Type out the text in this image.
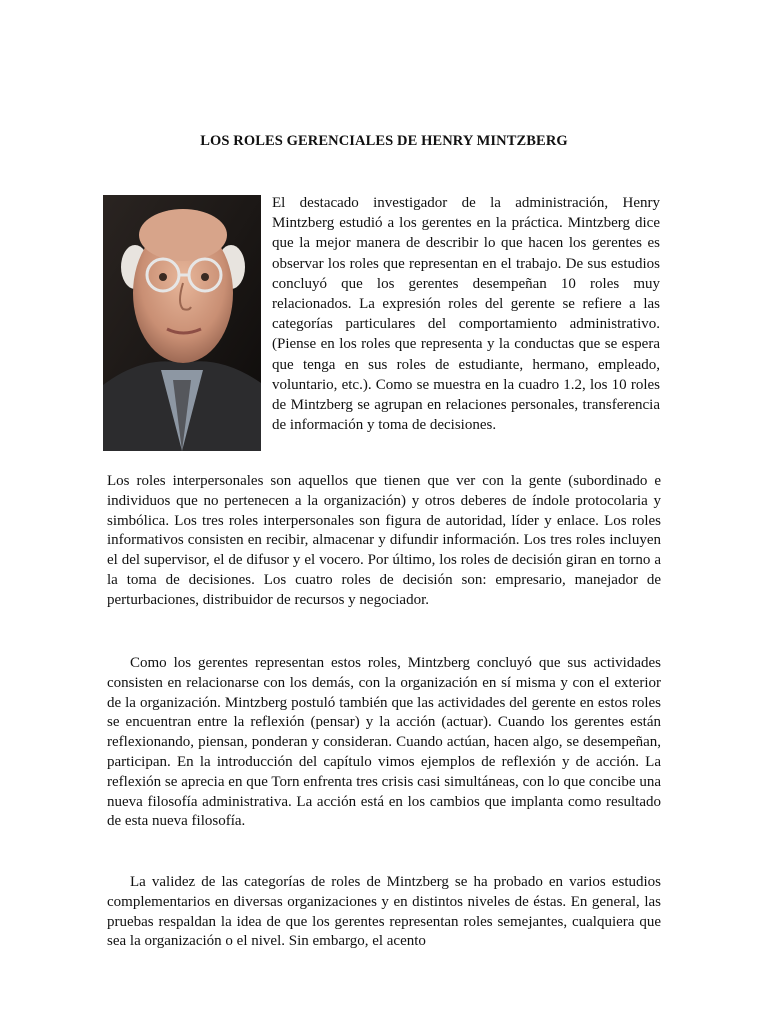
LOS ROLES GERENCIALES DE HENRY MINTZBERG

El destacado investigador de la administración, Henry Mintzberg estudió a los gerentes en la práctica. Mintzberg dice que la mejor manera de describir lo que hacen los gerentes es observar los roles que representan en el trabajo. De sus estudios concluyó que los gerentes desempeñan 10 roles muy relacionados. La expresión roles del gerente se refiere a las categorías particulares del comportamiento administrativo. (Piense en los roles que representa y la conductas que se espera que tenga en sus roles de estudiante, hermano, empleado, voluntario, etc.). Como se muestra en la cuadro 1.2, los 10 roles de Mintzberg se agrupan en relaciones personales, transferencia de información y toma de decisiones.

Los roles interpersonales son aquellos que tienen que ver con la gente (subordinado e individuos que no pertenecen a la organización) y otros deberes de índole protocolaria y simbólica. Los tres roles interpersonales son figura de autoridad, líder y enlace. Los roles informativos consisten en recibir, almacenar y difundir información. Los tres roles incluyen el del supervisor, el de difusor y el vocero. Por último, los roles de decisión giran en torno a la toma de decisiones. Los cuatro roles de decisión son: empresario, manejador de perturbaciones, distribuidor de recursos y negociador.

Como los gerentes representan estos roles, Mintzberg concluyó que sus actividades consisten en relacionarse con los demás, con la organización en sí misma y con el exterior de la organización. Mintzberg postuló también que las actividades del gerente en estos roles se encuentran entre la reflexión (pensar) y la acción (actuar). Cuando los gerentes están reflexionando, piensan, ponderan y consideran. Cuando actúan, hacen algo, se desempeñan, participan. En la introducción del capítulo vimos ejemplos de reflexión y de acción. La reflexión se aprecia en que Torn enfrenta tres crisis casi simultáneas, con lo que concibe una nueva filosofía administrativa. La acción está en los cambios que implanta como resultado de esta nueva filosofía.

La validez de las categorías de roles de Mintzberg se ha probado en varios estudios complementarios en diversas organizaciones y en distintos niveles de éstas. En general, las pruebas respaldan la idea de que los gerentes representan roles semejantes, cualquiera que sea la organización o el nivel. Sin embargo, el acento
